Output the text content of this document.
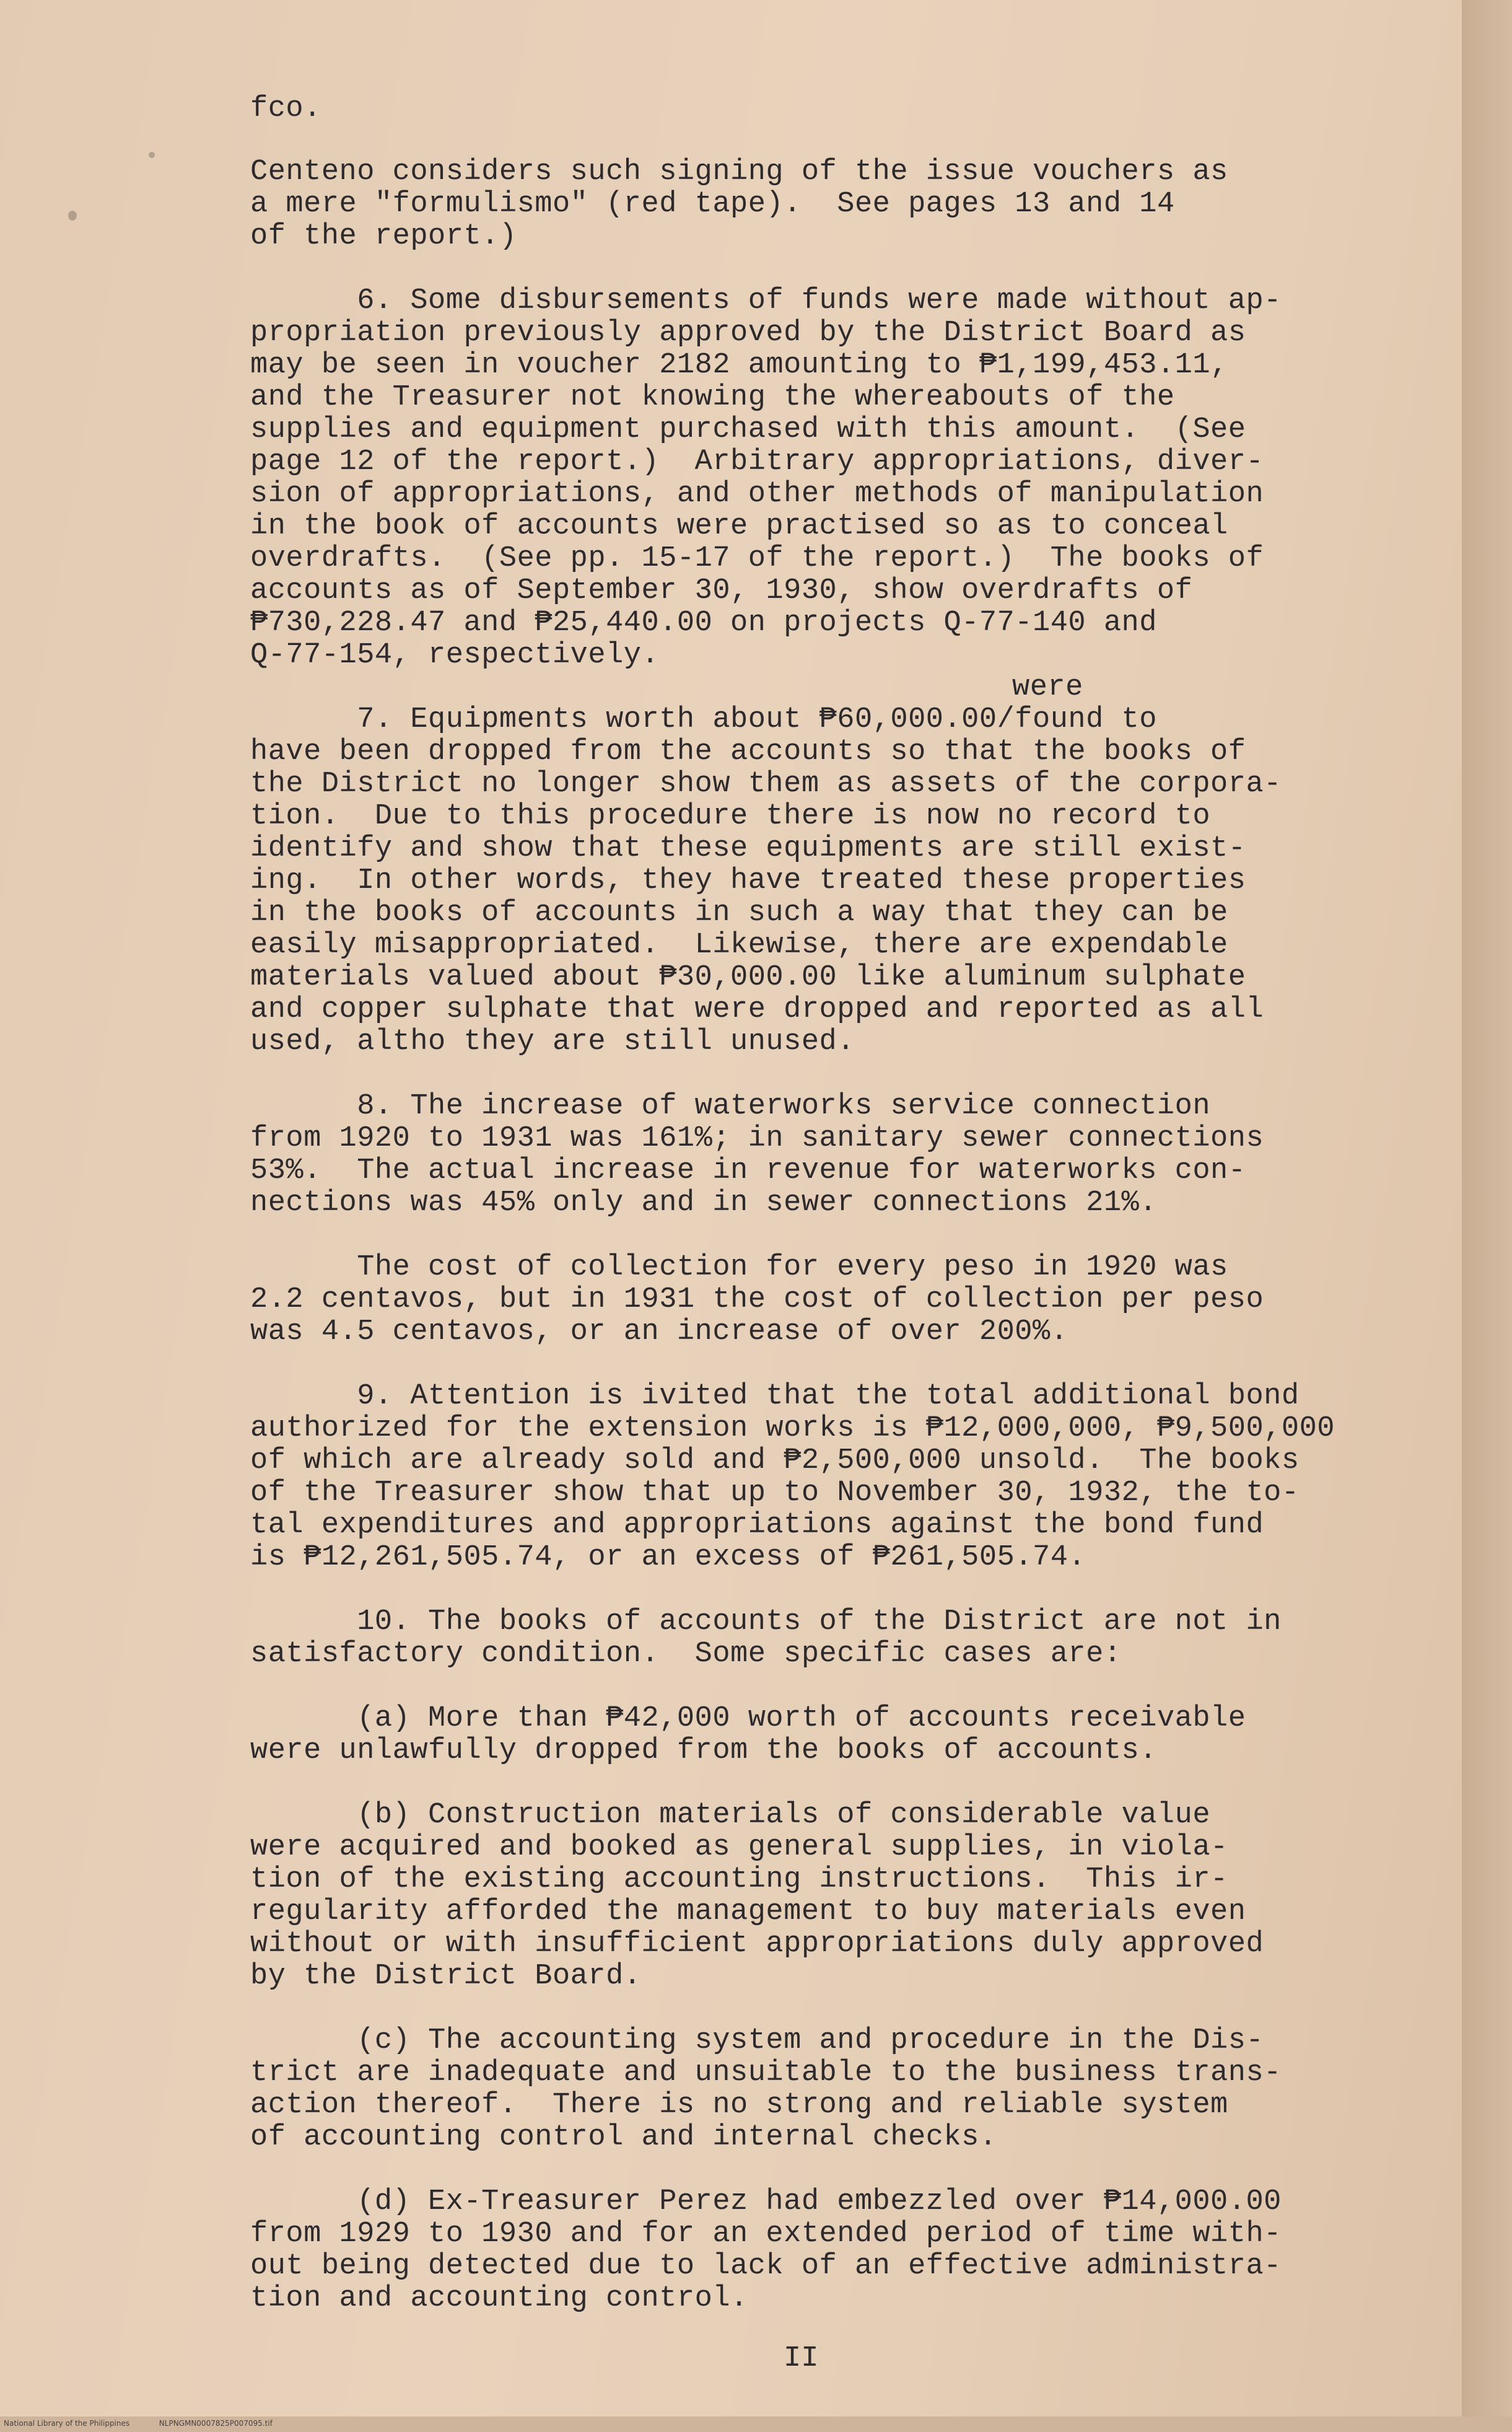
fco.
Centeno considers such signing of the issue vouchers as
a mere "formulismo" (red tape).  See pages 13 and 14
of the report.)
6. Some disbursements of funds were made without ap-
propriation previously approved by the District Board as
may be seen in voucher 2182 amounting to ₱1,199,453.11,
and the Treasurer not knowing the whereabouts of the
supplies and equipment purchased with this amount.  (See
page 12 of the report.)  Arbitrary appropriations, diver-
sion of appropriations, and other methods of manipulation
in the book of accounts were practised so as to conceal
overdrafts.  (See pp. 15-17 of the report.)  The books of
accounts as of September 30, 1930, show overdrafts of
₱730,228.47 and ₱25,440.00 on projects Q-77-140 and
Q-77-154, respectively.
were
7. Equipments worth about ₱60,000.00/found to
have been dropped from the accounts so that the books of
the District no longer show them as assets of the corpora-
tion.  Due to this procedure there is now no record to
identify and show that these equipments are still exist-
ing.  In other words, they have treated these properties
in the books of accounts in such a way that they can be
easily misappropriated.  Likewise, there are expendable
materials valued about ₱30,000.00 like aluminum sulphate
and copper sulphate that were dropped and reported as all
used, altho they are still unused.
8. The increase of waterworks service connection
from 1920 to 1931 was 161%; in sanitary sewer connections
53%.  The actual increase in revenue for waterworks con-
nections was 45% only and in sewer connections 21%.
The cost of collection for every peso in 1920 was
2.2 centavos, but in 1931 the cost of collection per peso
was 4.5 centavos, or an increase of over 200%.
9. Attention is ivited that the total additional bond
authorized for the extension works is ₱12,000,000, ₱9,500,000
of which are already sold and ₱2,500,000 unsold.  The books
of the Treasurer show that up to November 30, 1932, the to-
tal expenditures and appropriations against the bond fund
is ₱12,261,505.74, or an excess of ₱261,505.74.
10. The books of accounts of the District are not in
satisfactory condition.  Some specific cases are:
(a) More than ₱42,000 worth of accounts receivable
were unlawfully dropped from the books of accounts.
(b) Construction materials of considerable value
were acquired and booked as general supplies, in viola-
tion of the existing accounting instructions.  This ir-
regularity afforded the management to buy materials even
without or with insufficient appropriations duly approved
by the District Board.
(c) The accounting system and procedure in the Dis-
trict are inadequate and unsuitable to the business trans-
action thereof.  There is no strong and reliable system
of accounting control and internal checks.
(d) Ex-Treasurer Perez had embezzled over ₱14,000.00
from 1929 to 1930 and for an extended period of time with-
out being detected due to lack of an effective administra-
tion and accounting control.
II
National Library of the Philippines	NLPNGMN0007825P007095.tif
